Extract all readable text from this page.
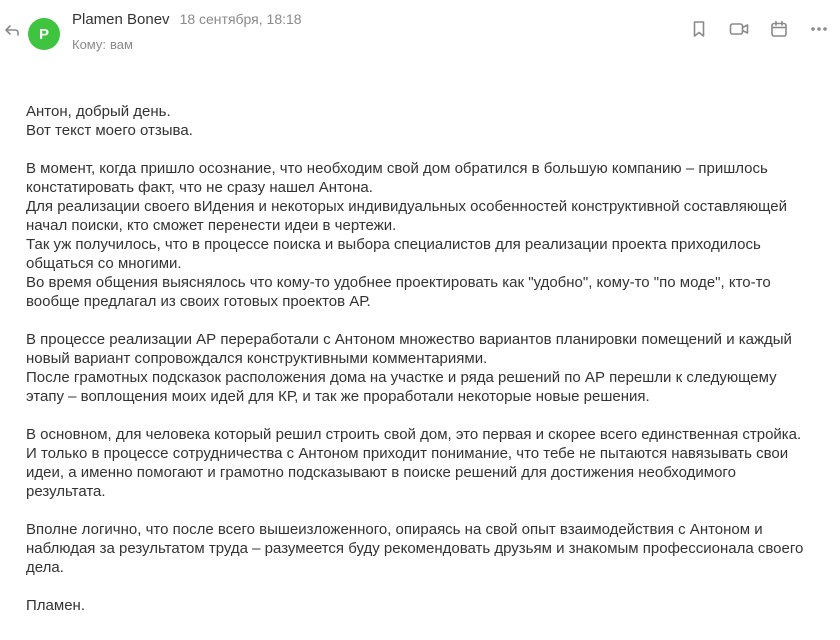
P
Plamen Bonev 18 сентября, 18:18
Кому: вам

Антон, добрый день.
Вот текст моего отзыва.

В момент, когда пришло осознание, что необходим свой дом обратился в большую компанию – пришлось
констатировать факт, что не сразу нашел Антона.
Для реализации своего вИдения и некоторых индивидуальных особенностей конструктивной составляющей
начал поиски, кто сможет перенести идеи в чертежи.
Так уж получилось, что в процессе поиска и выбора специалистов для реализации проекта приходилось
общаться со многими.
Во время общения выяснялось что кому-то удобнее проектировать как "удобно", кому-то "по моде", кто-то
вообще предлагал из своих готовых проектов АР.

В процессе реализации АР переработали с Антоном множество вариантов планировки помещений и каждый
новый вариант сопровождался конструктивными комментариями.
После грамотных подсказок расположения дома на участке и ряда решений по АР перешли к следующему
этапу – воплощения моих идей для КР, и так же проработали некоторые новые решения.

В основном, для человека который решил строить свой дом, это первая и скорее всего единственная стройка.
И только в процессе сотрудничества с Антоном приходит понимание, что тебе не пытаются навязывать свои
идеи, а именно помогают и грамотно подсказывают в поиске решений для достижения необходимого
результата.

Вполне логично, что после всего вышеизложенного, опираясь на свой опыт взаимодействия с Антоном и
наблюдая за результатом труда – разумеется буду рекомендовать друзьям и знакомым профессионала своего
дела.

Пламен.
